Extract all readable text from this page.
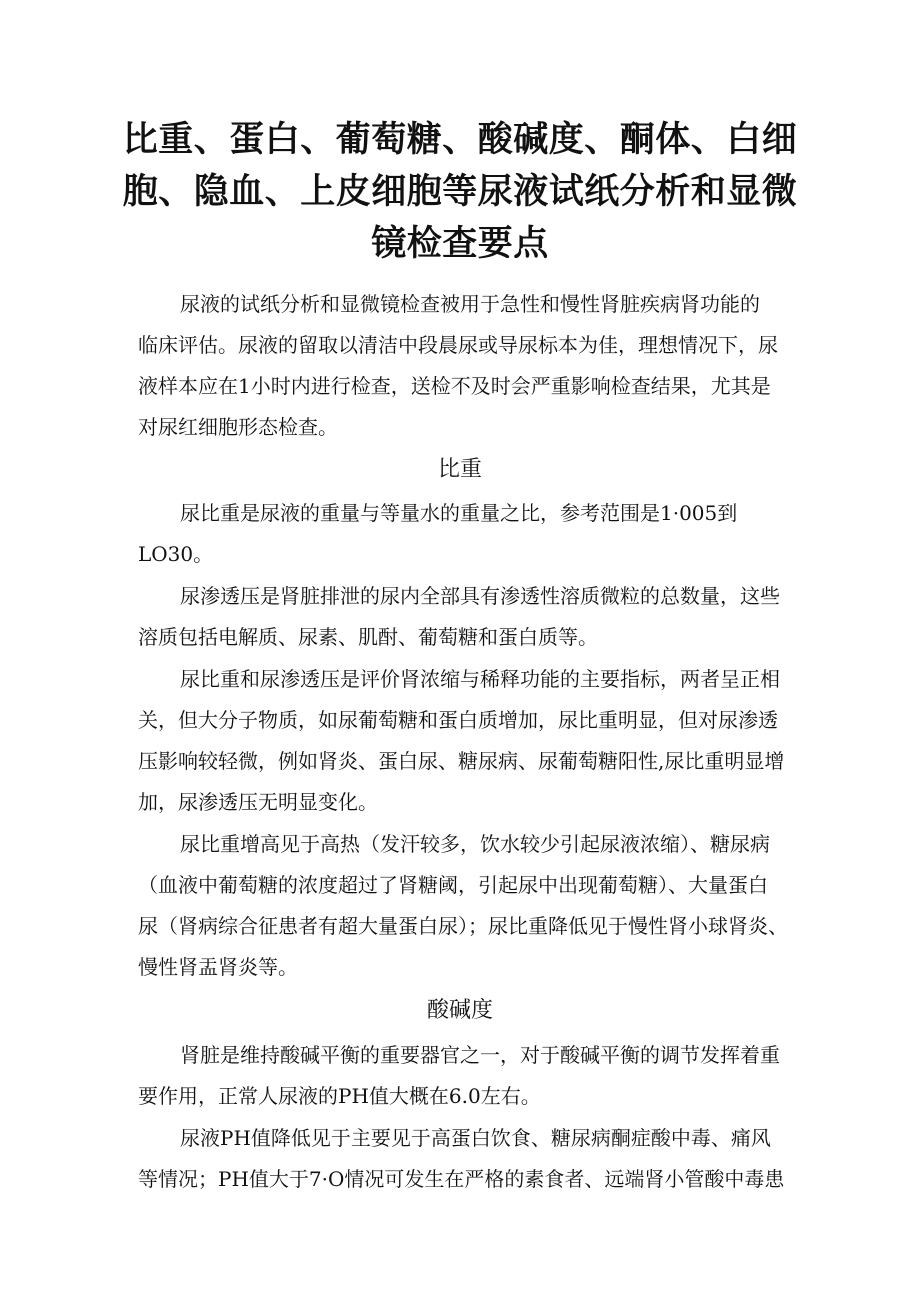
比重、蛋白、葡萄糖、酸碱度、酮体、白细
胞、隐血、上皮细胞等尿液试纸分析和显微
镜检查要点

尿液的试纸分析和显微镜检查被用于急性和慢性肾脏疾病肾功能的
临床评估。尿液的留取以清洁中段晨尿或导尿标本为佳，理想情况下，尿
液样本应在1小时内进行检查，送检不及时会严重影响检查结果，尤其是
对尿红细胞形态检查。

比重

尿比重是尿液的重量与等量水的重量之比，参考范围是1·005到
LO30。

尿渗透压是肾脏排泄的尿内全部具有渗透性溶质微粒的总数量，这些
溶质包括电解质、尿素、肌酎、葡萄糖和蛋白质等。

尿比重和尿渗透压是评价肾浓缩与稀释功能的主要指标，两者呈正相
关，但大分子物质，如尿葡萄糖和蛋白质增加，尿比重明显，但对尿渗透
压影响较轻微，例如肾炎、蛋白尿、糖尿病、尿葡萄糖阳性,尿比重明显增
加，尿渗透压无明显变化。

尿比重增高见于高热（发汗较多，饮水较少引起尿液浓缩）、糖尿病
（血液中葡萄糖的浓度超过了肾糖阈，引起尿中出现葡萄糖）、大量蛋白
尿（肾病综合征患者有超大量蛋白尿）；尿比重降低见于慢性肾小球肾炎、
慢性肾盂肾炎等。

酸碱度

肾脏是维持酸碱平衡的重要器官之一，对于酸碱平衡的调节发挥着重
要作用，正常人尿液的PH值大概在6.0左右。

尿液PH值降低见于主要见于高蛋白饮食、糖尿病酮症酸中毒、痛风
等情况；PH值大于7·O情况可发生在严格的素食者、远端肾小管酸中毒患
